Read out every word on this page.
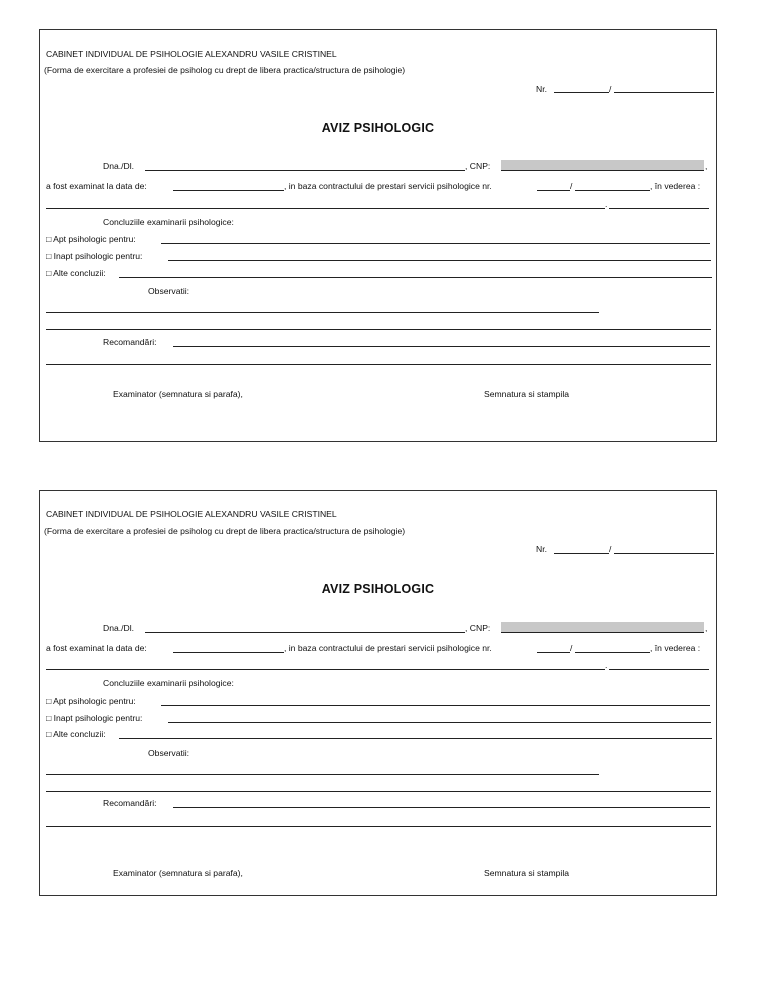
CABINET INDIVIDUAL DE PSIHOLOGIE ALEXANDRU VASILE CRISTINEL
(Forma de exercitare a profesiei de psiholog cu drept de libera practica/structura de psihologie)
Nr.	/
AVIZ PSIHOLOGIC
Dna./Dl.	, CNP:	,
a fost examinat la data de:	, in baza contractului de prestari servicii psihologice nr.	/	, în vederea :
.
Concluziile examinarii psihologice:
□ Apt psihologic pentru:
□ Inapt psihologic pentru:
□ Alte concluzii:
Observatii:
Recomandări:
Examinator (semnatura si parafa),	Semnatura si stampila
CABINET INDIVIDUAL DE PSIHOLOGIE ALEXANDRU VASILE CRISTINEL
(Forma de exercitare a profesiei de psiholog cu drept de libera practica/structura de psihologie)
Nr.	/
AVIZ PSIHOLOGIC
Dna./Dl.	, CNP:	,
a fost examinat la data de:	, in baza contractului de prestari servicii psihologice nr.	/	, în vederea :
.
Concluziile examinarii psihologice:
□ Apt psihologic pentru:
□ Inapt psihologic pentru:
□ Alte concluzii:
Observatii:
Recomandări:
Examinator (semnatura si parafa),	Semnatura si stampila
